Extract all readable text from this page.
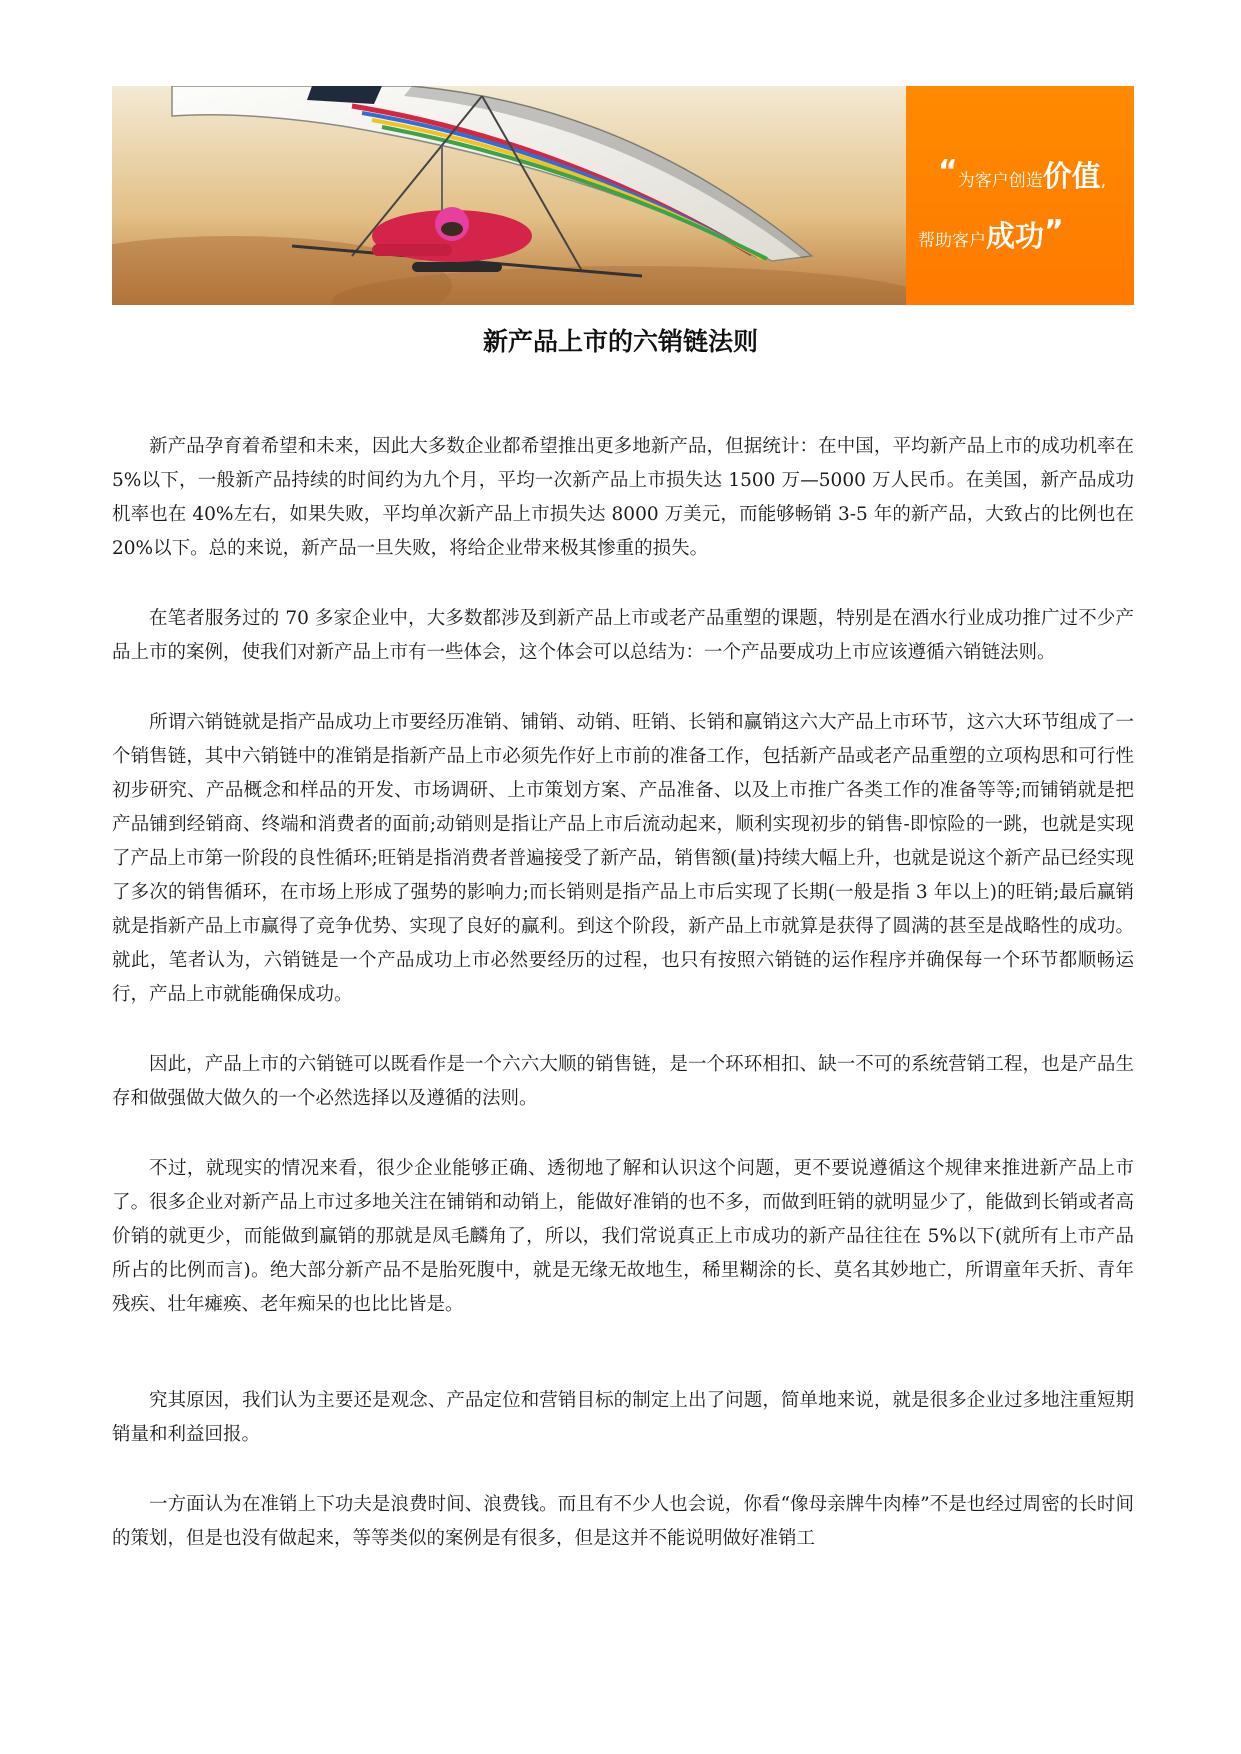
“为客户创造价值,
帮助客户成功”
新产品上市的六销链法则

新产品孕育着希望和未来，因此大多数企业都希望推出更多地新产品，但据统计：在中国，平均新产品上市的成功机率在 5%以下，一般新产品持续的时间约为九个月，平均一次新产品上市损失达 1500 万—5000 万人民币。在美国，新产品成功机率也在 40%左右，如果失败，平均单次新产品上市损失达 8000 万美元，而能够畅销 3-5 年的新产品，大致占的比例也在 20%以下。总的来说，新产品一旦失败，将给企业带来极其惨重的损失。

在笔者服务过的 70 多家企业中，大多数都涉及到新产品上市或老产品重塑的课题，特别是在酒水行业成功推广过不少产品上市的案例，使我们对新产品上市有一些体会，这个体会可以总结为：一个产品要成功上市应该遵循六销链法则。

所谓六销链就是指产品成功上市要经历准销、铺销、动销、旺销、长销和赢销这六大产品上市环节，这六大环节组成了一个销售链，其中六销链中的准销是指新产品上市必须先作好上市前的准备工作，包括新产品或老产品重塑的立项构思和可行性初步研究、产品概念和样品的开发、市场调研、上市策划方案、产品准备、以及上市推广各类工作的准备等等;而铺销就是把产品铺到经销商、终端和消费者的面前;动销则是指让产品上市后流动起来，顺利实现初步的销售-即惊险的一跳，也就是实现了产品上市第一阶段的良性循环;旺销是指消费者普遍接受了新产品，销售额(量)持续大幅上升，也就是说这个新产品已经实现了多次的销售循环，在市场上形成了强势的影响力;而长销则是指产品上市后实现了长期(一般是指 3 年以上)的旺销;最后赢销就是指新产品上市赢得了竞争优势、实现了良好的赢利。到这个阶段，新产品上市就算是获得了圆满的甚至是战略性的成功。就此，笔者认为，六销链是一个产品成功上市必然要经历的过程，也只有按照六销链的运作程序并确保每一个环节都顺畅运行，产品上市就能确保成功。

因此，产品上市的六销链可以既看作是一个六六大顺的销售链，是一个环环相扣、缺一不可的系统营销工程，也是产品生存和做强做大做久的一个必然选择以及遵循的法则。

不过，就现实的情况来看，很少企业能够正确、透彻地了解和认识这个问题，更不要说遵循这个规律来推进新产品上市了。很多企业对新产品上市过多地关注在铺销和动销上，能做好准销的也不多，而做到旺销的就明显少了，能做到长销或者高价销的就更少，而能做到赢销的那就是凤毛麟角了，所以，我们常说真正上市成功的新产品往往在 5%以下(就所有上市产品所占的比例而言)。绝大部分新产品不是胎死腹中，就是无缘无故地生，稀里糊涂的长、莫名其妙地亡，所谓童年夭折、青年残疾、壮年瘫痪、老年痴呆的也比比皆是。

究其原因，我们认为主要还是观念、产品定位和营销目标的制定上出了问题，简单地来说，就是很多企业过多地注重短期销量和利益回报。

一方面认为在准销上下功夫是浪费时间、浪费钱。而且有不少人也会说，你看“像母亲牌牛肉棒”不是也经过周密的长时间的策划，但是也没有做起来，等等类似的案例是有很多，但是这并不能说明做好准销工
